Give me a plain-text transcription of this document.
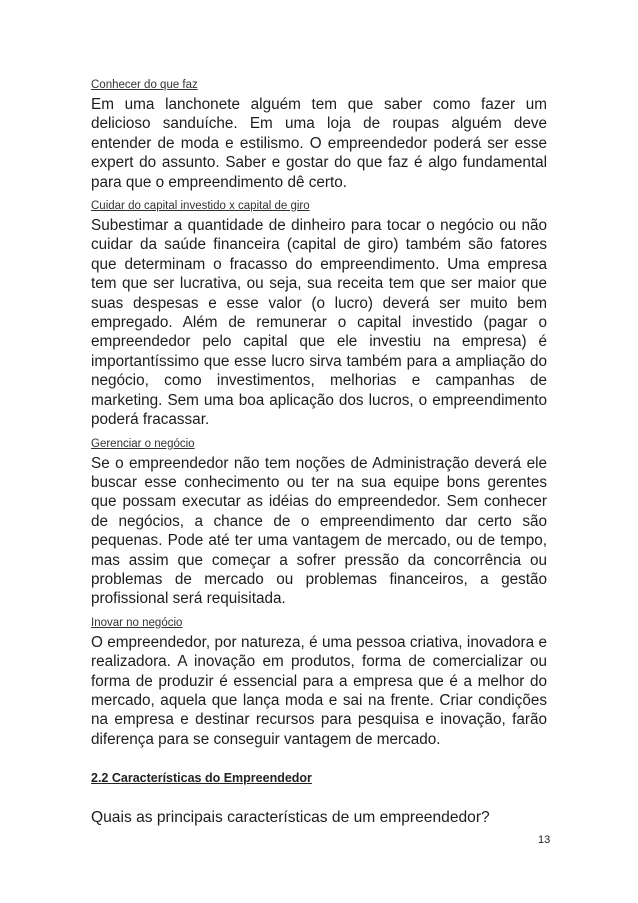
Conhecer do que faz

Em uma lanchonete alguém tem que saber como fazer um delicioso sanduíche. Em uma loja de roupas alguém deve entender de moda e estilismo. O empreendedor poderá ser esse expert do assunto. Saber e gostar do que faz é algo fundamental para que o empreendimento dê certo.

Cuidar do capital investido x capital de giro

Subestimar a quantidade de dinheiro para tocar o negócio ou não cuidar da saúde financeira (capital de giro) também são fatores que determinam o fracasso do empreendimento. Uma empresa tem que ser lucrativa, ou seja, sua receita tem que ser maior que suas despesas e esse valor (o lucro) deverá ser muito bem empregado. Além de remunerar o capital investido (pagar o empreendedor pelo capital que ele investiu na empresa) é importantíssimo que esse lucro sirva também para a ampliação do negócio, como investimentos, melhorias e campanhas de marketing. Sem uma boa aplicação dos lucros, o empreendimento poderá fracassar.

Gerenciar o negócio

Se o empreendedor não tem noções de Administração deverá ele buscar esse conhecimento ou ter na sua equipe bons gerentes que possam executar as idéias do empreendedor. Sem conhecer de negócios, a chance de o empreendimento dar certo são pequenas. Pode até ter uma vantagem de mercado, ou de tempo, mas assim que começar a sofrer pressão da concorrência ou problemas de mercado ou problemas financeiros, a gestão profissional será requisitada.

Inovar no negócio

O empreendedor, por natureza, é uma pessoa criativa, inovadora e realizadora. A inovação em produtos, forma de comercializar ou forma de produzir é essencial para a empresa que é a melhor do mercado, aquela que lança moda e sai na frente. Criar condições na empresa e destinar recursos para pesquisa e inovação, farão diferença para se conseguir vantagem de mercado.

2.2 Características do Empreendedor
Quais as principais características de um empreendedor?
13
